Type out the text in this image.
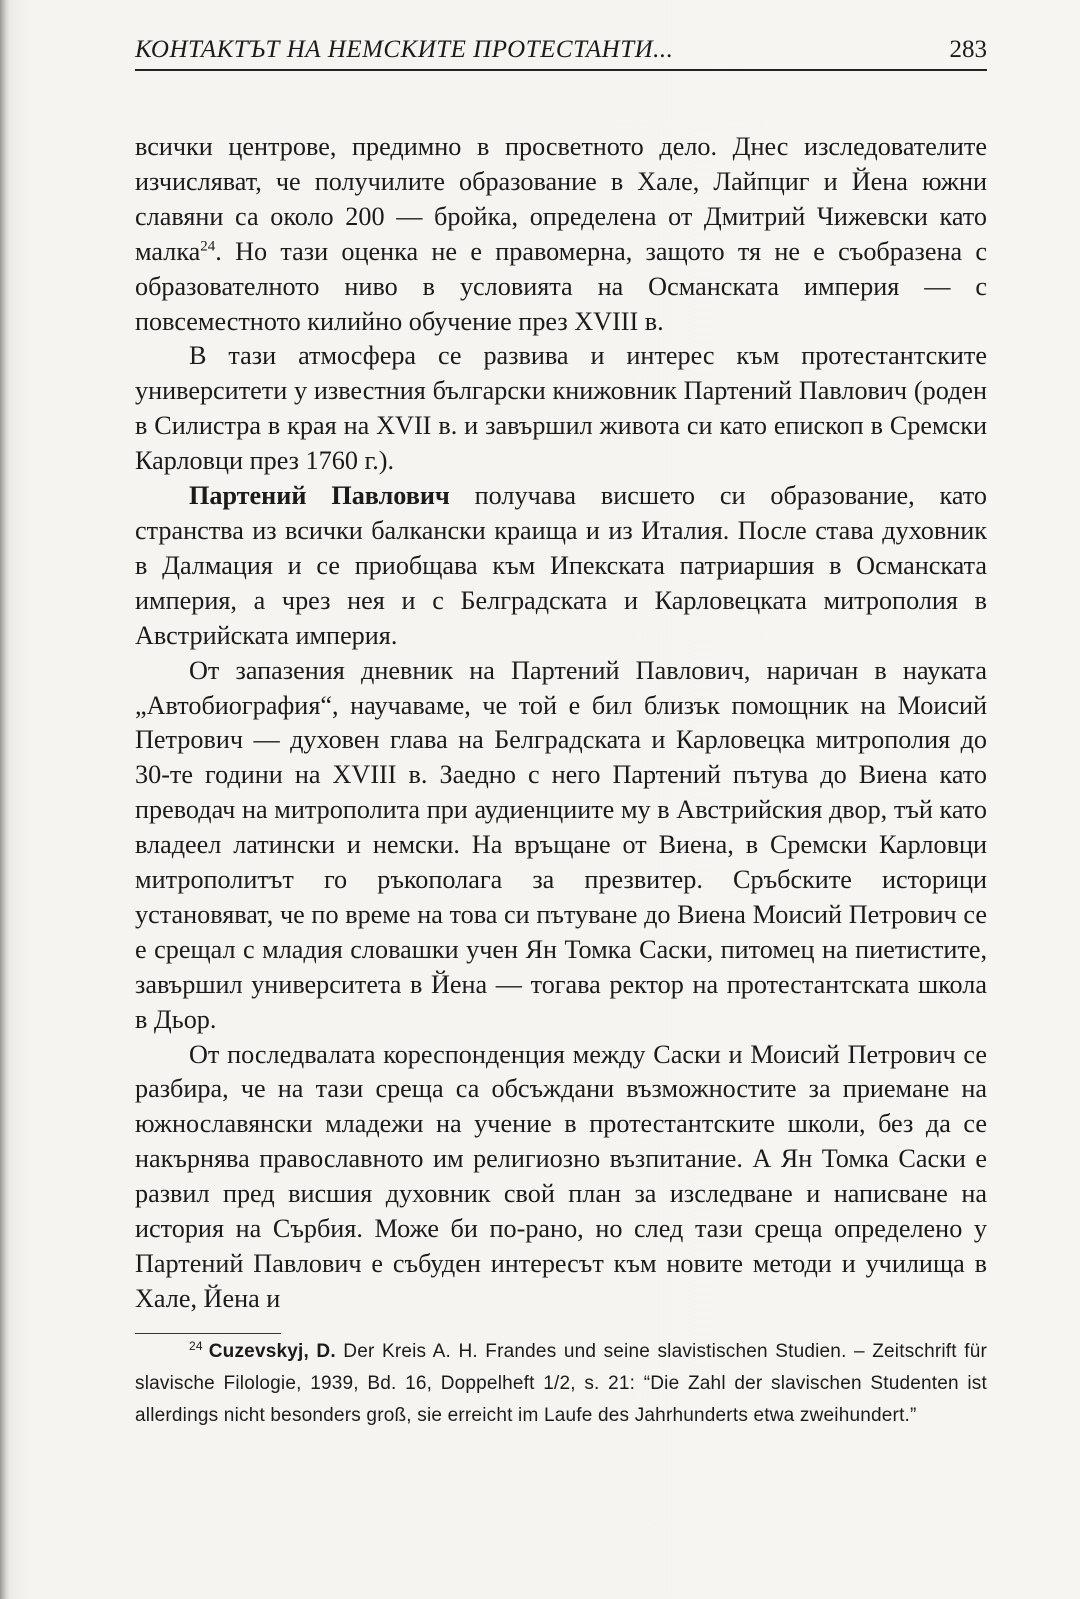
КОНТАКТЪТ НА НЕМСКИТЕ ПРОТЕСТАНТИ...	283

всички центрове, предимно в просветното дело. Днес изследователите изчисляват, че получилите образование в Хале, Лайпциг и Йена южни славяни са около 200 — бройка, определена от Дмитрий Чижевски като малка$^{24}$. Но тази оценка не е правомерна, защото тя не е съобразена с образователното ниво в условията на Османската империя — с повсеместното килийно обучение през XVIII в.

В тази атмосфера се развива и интерес към протестантските университети у известния български книжовник Партений Павлович (роден в Силистра в края на XVII в. и завършил живота си като епископ в Сремски Карловци през 1760 г.).

Партений Павлович получава висшето си образование, като странства из всички балкански краища и из Италия. После става духовник в Далмация и се приобщава към Ипекската патриаршия в Османската империя, а чрез нея и с Белградската и Карловецката митрополия в Австрийската империя.

От запазения дневник на Партений Павлович, наричан в науката „Автобиография“, научаваме, че той е бил близък помощник на Моисий Петрович — духовен глава на Белградската и Карловецка митрополия до 30-те години на XVIII в. Заедно с него Партений пътува до Виена като преводач на митрополита при аудиенциите му в Австрийския двор, тъй като владеел латински и немски. На връщане от Виена, в Сремски Карловци митрополитът го ръкополага за презвитер. Сръбските историци установяват, че по време на това си пътуване до Виена Моисий Петрович се е срещал с младия словашки учен Ян Томка Саски, питомец на пиетистите, завършил университета в Йена — тогава ректор на протестантската школа в Дьор.

От последвалата кореспонденция между Саски и Моисий Петрович се разбира, че на тази среща са обсъждани възможностите за приемане на южнославянски младежи на учение в протестантските школи, без да се накърнява православното им религиозно възпитание. А Ян Томка Саски е развил пред висшия духовник свой план за изследване и написване на история на Сърбия. Може би по-рано, но след тази среща определено у Партений Павлович е събуден интересът към новите методи и училища в Хале, Йена и

$^{24}$ Cuzevskyj, D. Der Kreis A. H. Frandes und seine slavistischen Studien. – Zeitschrift für slavische Filologie, 1939, Bd. 16, Doppelheft 1/2, s. 21: “Die Zahl der slavischen Studenten ist allerdings nicht besonders groß, sie erreicht im Laufe des Jahrhunderts etwa zweihundert.”
